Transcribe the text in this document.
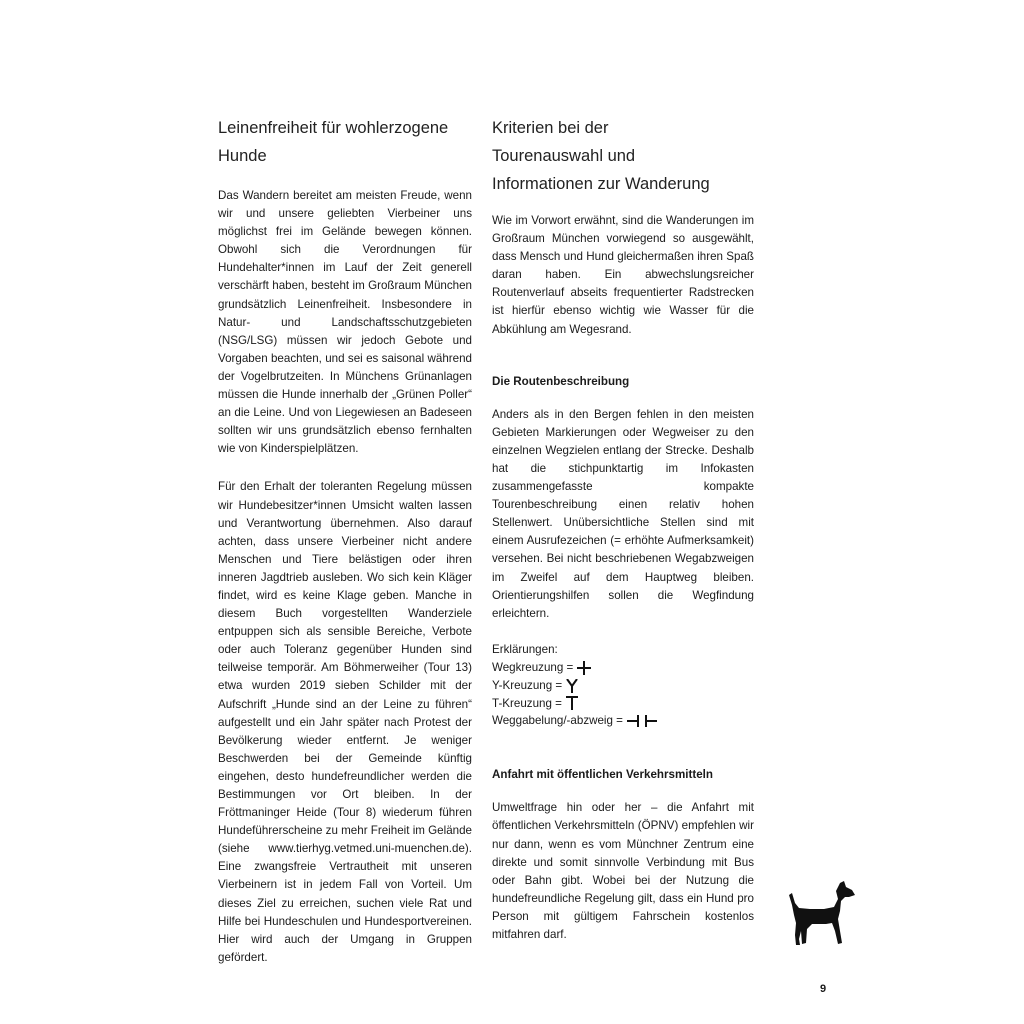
Leinenfreiheit für wohlerzogene Hunde

Das Wandern bereitet am meisten Freude, wenn wir und unsere geliebten Vierbeiner uns möglichst frei im Gelände bewegen können. Obwohl sich die Verordnungen für Hundehalter*innen im Lauf der Zeit generell verschärft haben, besteht im Großraum München grundsätzlich Leinenfreiheit. Insbesondere in Natur- und Landschaftsschutzgebieten (NSG/LSG) müssen wir jedoch Gebote und Vorgaben beachten, und sei es saisonal während der Vogelbrutzeiten. In Münchens Grünanlagen müssen die Hunde innerhalb der „Grünen Poller“ an die Leine. Und von Liegewiesen an Badeseen sollten wir uns grundsätzlich ebenso fernhalten wie von Kinderspielplätzen.

Für den Erhalt der toleranten Regelung müssen wir Hundebesitzer*innen Umsicht walten lassen und Verantwortung übernehmen. Also darauf achten, dass unsere Vierbeiner nicht andere Menschen und Tiere belästigen oder ihren inneren Jagdtrieb ausleben. Wo sich kein Kläger findet, wird es keine Klage geben. Manche in diesem Buch vorgestellten Wanderziele entpuppen sich als sensible Bereiche, Verbote oder auch Toleranz gegenüber Hunden sind teilweise temporär. Am Böhmerweiher (Tour 13) etwa wurden 2019 sieben Schilder mit der Aufschrift „Hunde sind an der Leine zu führen“ aufgestellt und ein Jahr später nach Protest der Bevölkerung wieder entfernt. Je weniger Beschwerden bei der Gemeinde künftig eingehen, desto hundefreundlicher werden die Bestimmungen vor Ort bleiben. In der Fröttmaninger Heide (Tour 8) wiederum führen Hundeführerscheine zu mehr Freiheit im Gelände (siehe www.tierhyg.vetmed.uni-muenchen.de). Eine zwangsfreie Vertrautheit mit unseren Vierbeinern ist in jedem Fall von Vorteil. Um dieses Ziel zu erreichen, suchen viele Rat und Hilfe bei Hundeschulen und Hundesportvereinen. Hier wird auch der Umgang in Gruppen gefördert.

Kriterien bei der Tourenauswahl und Informationen zur Wanderung

Wie im Vorwort erwähnt, sind die Wanderungen im Großraum München vorwiegend so ausgewählt, dass Mensch und Hund gleichermaßen ihren Spaß daran haben. Ein abwechslungsreicher Routenverlauf abseits frequentierter Radstrecken ist hierfür ebenso wichtig wie Wasser für die Abkühlung am Wegesrand.

Die Routenbeschreibung

Anders als in den Bergen fehlen in den meisten Gebieten Markierungen oder Wegweiser zu den einzelnen Wegzielen entlang der Strecke. Deshalb hat die stichpunktartig im Infokasten zusammengefasste kompakte Tourenbeschreibung einen relativ hohen Stellenwert. Unübersichtliche Stellen sind mit einem Ausrufezeichen (= erhöhte Aufmerksamkeit) versehen. Bei nicht beschriebenen Wegabzweigen im Zweifel auf dem Hauptweg bleiben. Orientierungshilfen sollen die Wegfindung erleichtern.

Erklärungen:
Wegkreuzung =
Y-Kreuzung =
T-Kreuzung =
Weggabelung/-abzweig =
Anfahrt mit öffentlichen Verkehrsmitteln

Umweltfrage hin oder her – die Anfahrt mit öffentlichen Verkehrsmitteln (ÖPNV) empfehlen wir nur dann, wenn es vom Münchner Zentrum eine direkte und somit sinnvolle Verbindung mit Bus oder Bahn gibt. Wobei bei der Nutzung die hundefreundliche Regelung gilt, dass ein Hund pro Person mit gültigem Fahrschein kostenlos mitfahren darf.

9
